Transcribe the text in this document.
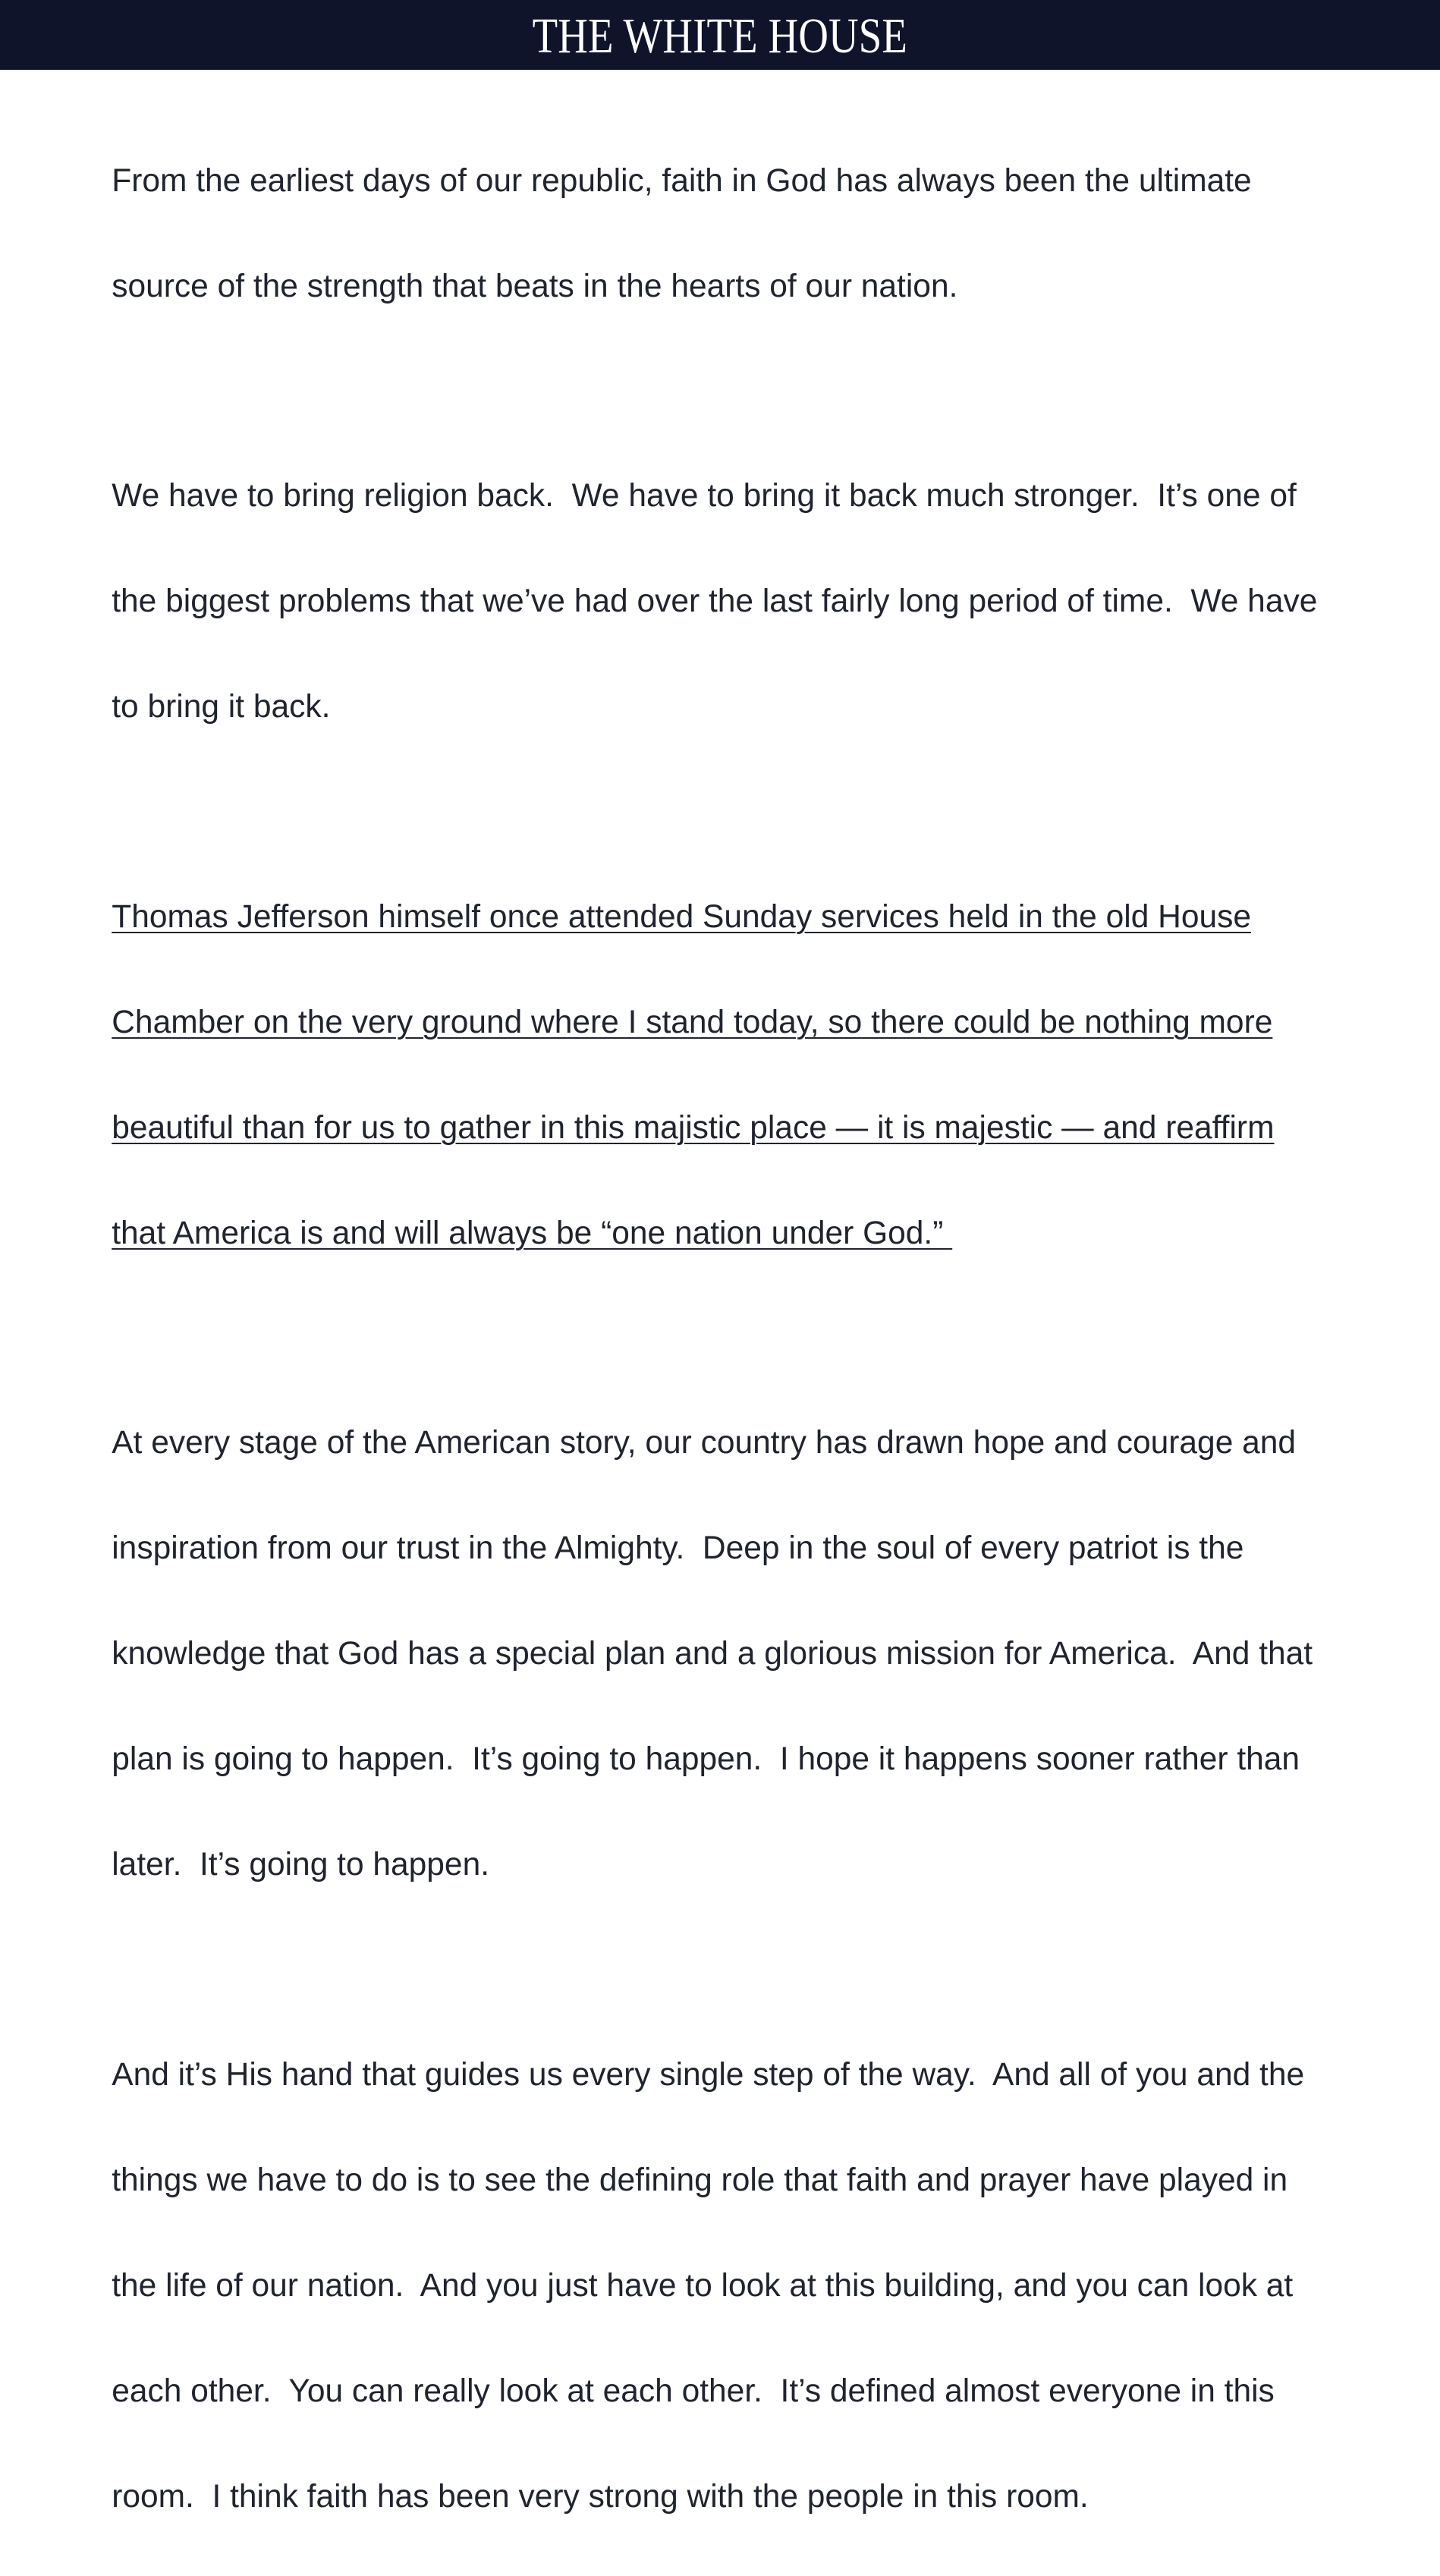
THE WHITE HOUSE

From the earliest days of our republic, faith in God has always been the ultimate

source of the strength that beats in the hearts of our nation.

We have to bring religion back.  We have to bring it back much stronger.  It’s one of

the biggest problems that we’ve had over the last fairly long period of time.  We have

to bring it back.

Thomas Jefferson himself once attended Sunday services held in the old House

Chamber on the very ground where I stand today, so there could be nothing more

beautiful than for us to gather in this majistic place — it is majestic — and reaffirm

that America is and will always be “one nation under God.”

At every stage of the American story, our country has drawn hope and courage and

inspiration from our trust in the Almighty.  Deep in the soul of every patriot is the

knowledge that God has a special plan and a glorious mission for America.  And that

plan is going to happen.  It’s going to happen.  I hope it happens sooner rather than

later.  It’s going to happen.

And it’s His hand that guides us every single step of the way.  And all of you and the

things we have to do is to see the defining role that faith and prayer have played in

the life of our nation.  And you just have to look at this building, and you can look at

each other.  You can really look at each other.  It’s defined almost everyone in this

room.  I think faith has been very strong with the people in this room.
